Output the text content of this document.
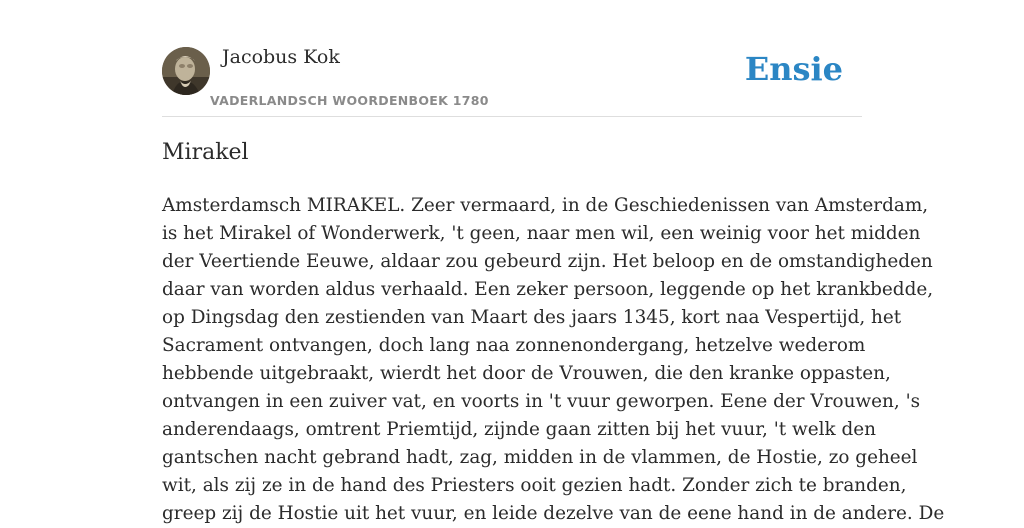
Jacobus Kok
VADERLANDSCH WOORDENBOEK 1780
Ensie
Mirakel

Amsterdamsch MIRAKEL. Zeer vermaard, in de Geschiedenissen van Amsterdam,
is het Mirakel of Wonderwerk, 't geen, naar men wil, een weinig voor het midden
der Veertiende Eeuwe, aldaar zou gebeurd zijn. Het beloop en de omstandigheden
daar van worden aldus verhaald. Een zeker persoon, leggende op het krankbedde,
op Dingsdag den zestienden van Maart des jaars 1345, kort naa Vespertijd, het
Sacrament ontvangen, doch lang naa zonnenondergang, hetzelve wederom
hebbende uitgebraakt, wierdt het door de Vrouwen, die den kranke oppasten,
ontvangen in een zuiver vat, en voorts in 't vuur geworpen. Eene der Vrouwen, 's
anderendaags, omtrent Priemtijd, zijnde gaan zitten bij het vuur, 't welk den
gantschen nacht gebrand hadt, zag, midden in de vlammen, de Hostie, zo geheel
wit, als zij ze in de hand des Priesters ooit gezien hadt. Zonder zich te branden,
greep zij de Hostie uit het vuur, en leide dezelve van de eene hand in de andere. De
